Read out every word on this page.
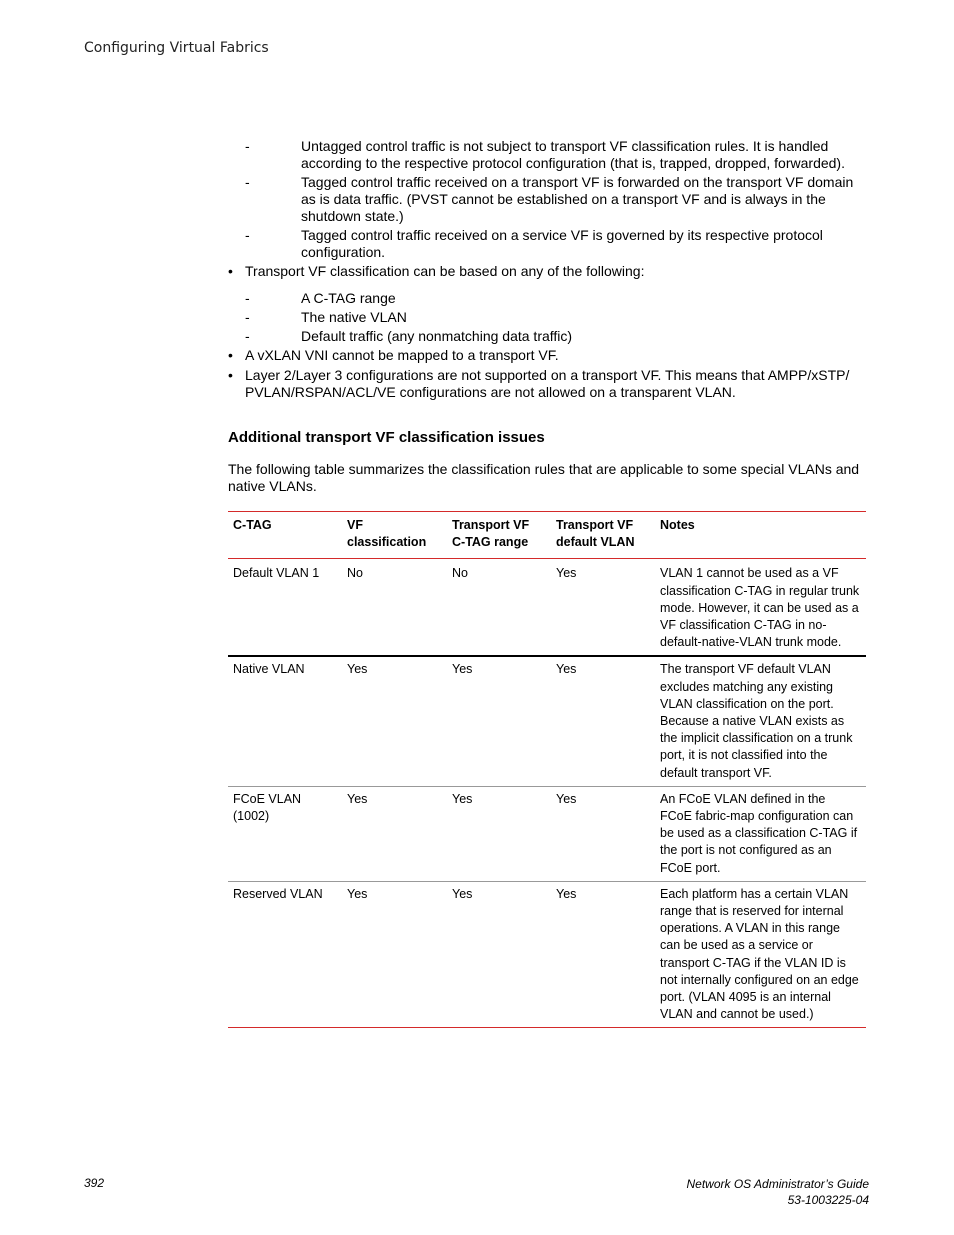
Configuring Virtual Fabrics
-	Untagged control traffic is not subject to transport VF classification rules. It is handled according to the respective protocol configuration (that is, trapped, dropped, forwarded).
-	Tagged control traffic received on a transport VF is forwarded on the transport VF domain as is data traffic. (PVST cannot be established on a transport VF and is always in the shutdown state.)
-	Tagged control traffic received on a service VF is governed by its respective protocol configuration.
• Transport VF classification can be based on any of the following:
-	A C-TAG range
-	The native VLAN
-	Default traffic (any nonmatching data traffic)
• A vXLAN VNI cannot be mapped to a transport VF.
• Layer 2/Layer 3 configurations are not supported on a transport VF. This means that AMPP/xSTP/ PVLAN/RSPAN/ACL/VE configurations are not allowed on a transparent VLAN.
Additional transport VF classification issues

The following table summarizes the classification rules that are applicable to some special VLANs and native VLANs.

C-TAG	VF classification	Transport VF C-TAG range	Transport VF default VLAN	Notes
Default VLAN 1	No	No	Yes	VLAN 1 cannot be used as a VF classification C-TAG in regular trunk mode. However, it can be used as a VF classification C-TAG in no-default-native-VLAN trunk mode.
Native VLAN	Yes	Yes	Yes	The transport VF default VLAN excludes matching any existing VLAN classification on the port. Because a native VLAN exists as the implicit classification on a trunk port, it is not classified into the default transport VF.
FCoE VLAN (1002)	Yes	Yes	Yes	An FCoE VLAN defined in the FCoE fabric-map configuration can be used as a classification C-TAG if the port is not configured as an FCoE port.
Reserved VLAN	Yes	Yes	Yes	Each platform has a certain VLAN range that is reserved for internal operations. A VLAN in this range can be used as a service or transport C-TAG if the VLAN ID is not internally configured on an edge port. (VLAN 4095 is an internal VLAN and cannot be used.)
392	Network OS Administrator’s Guide
53-1003225-04
